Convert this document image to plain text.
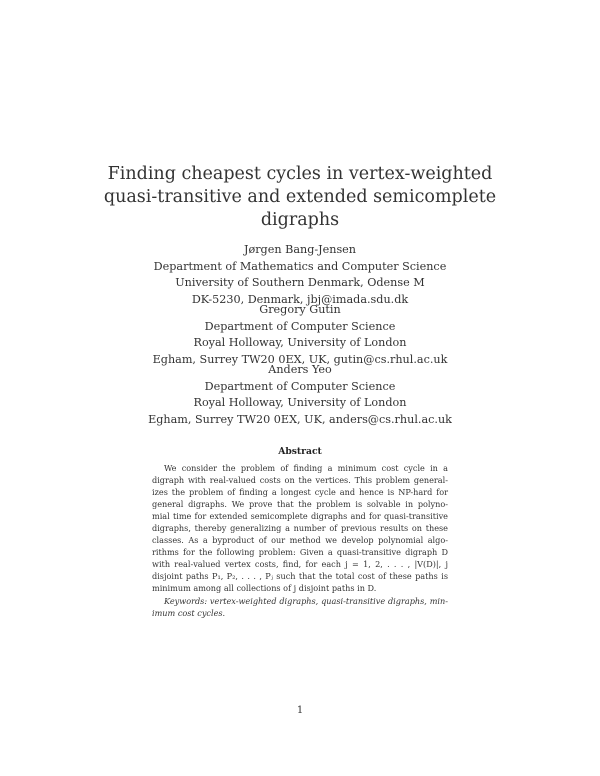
Finding cheapest cycles in vertex-weighted
quasi-transitive and extended semicomplete
digraphs
Jørgen Bang-Jensen
Department of Mathematics and Computer Science
University of Southern Denmark, Odense M
DK-5230, Denmark, jbj@imada.sdu.dk
Gregory Gutin
Department of Computer Science
Royal Holloway, University of London
Egham, Surrey TW20 0EX, UK, gutin@cs.rhul.ac.uk
Anders Yeo
Department of Computer Science
Royal Holloway, University of London
Egham, Surrey TW20 0EX, UK, anders@cs.rhul.ac.uk
Abstract
We consider the problem of finding a minimum cost cycle in a
digraph with real-valued costs on the vertices. This problem general-
izes the problem of finding a longest cycle and hence is NP-hard for
general digraphs. We prove that the problem is solvable in polyno-
mial time for extended semicomplete digraphs and for quasi-transitive
digraphs, thereby generalizing a number of previous results on these
classes. As a byproduct of our method we develop polynomial algo-
rithms for the following problem: Given a quasi-transitive digraph D
with real-valued vertex costs, find, for each j = 1, 2, . . . , |V(D)|, j
disjoint paths P₁, P₂, . . . , Pⱼ such that the total cost of these paths is
minimum among all collections of j disjoint paths in D.
Keywords: vertex-weighted digraphs, quasi-transitive digraphs, min-
imum cost cycles.
1
